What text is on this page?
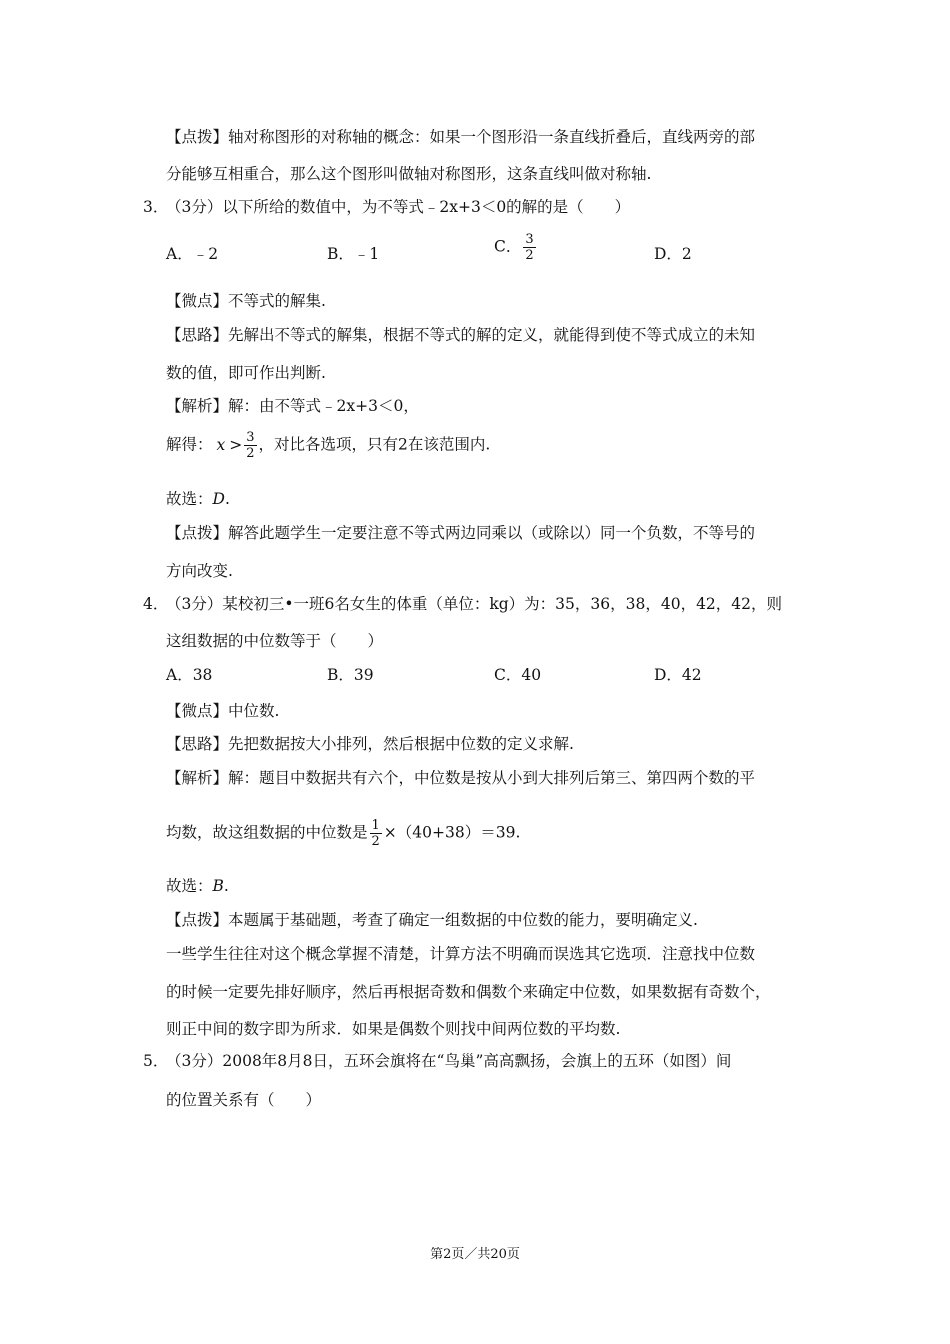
【点拨】轴对称图形的对称轴的概念：如果一个图形沿一条直线折叠后，直线两旁的部
分能够互相重合，那么这个图形叫做轴对称图形，这条直线叫做对称轴.
3．
（3分）以下所给的数值中，为不等式﹣2x+3＜0的解的是（　　）
A．﹣2	B．﹣1	C． $\frac{3}{2}$	D．2
【微点】不等式的解集.
【思路】先解出不等式的解集，根据不等式的解的定义，就能得到使不等式成立的未知
数的值，即可作出判断.
【解析】解：由不等式﹣2x+3＜0，
解得： $x > \frac{3}{2}$ ，对比各选项，只有2在该范围内.
故选：D.
【点拨】解答此题学生一定要注意不等式两边同乘以（或除以）同一个负数，不等号的
方向改变.
4．
（3分）某校初三•一班6名女生的体重（单位：kg）为：35，36，38，40，42，42，则
这组数据的中位数等于（　　）
A．38	B．39	C．40	D．42
【微点】中位数.
【思路】先把数据按大小排列，然后根据中位数的定义求解.
【解析】解：题目中数据共有六个，中位数是按从小到大排列后第三、第四两个数的平
均数，故这组数据的中位数是 $\frac{1}{2} \times(40+38)=39$.
故选：B.
【点拨】本题属于基础题，考查了确定一组数据的中位数的能力，要明确定义.
一些学生往往对这个概念掌握不清楚，计算方法不明确而误选其它选项．注意找中位数
的时候一定要先排好顺序，然后再根据奇数和偶数个来确定中位数，如果数据有奇数个，
则正中间的数字即为所求．如果是偶数个则找中间两位数的平均数.
5．
（3分）2008年8月8日，五环会旗将在“鸟巢”高高飘扬，会旗上的五环（如图）间
的位置关系有（　　）
第2页／共20页
